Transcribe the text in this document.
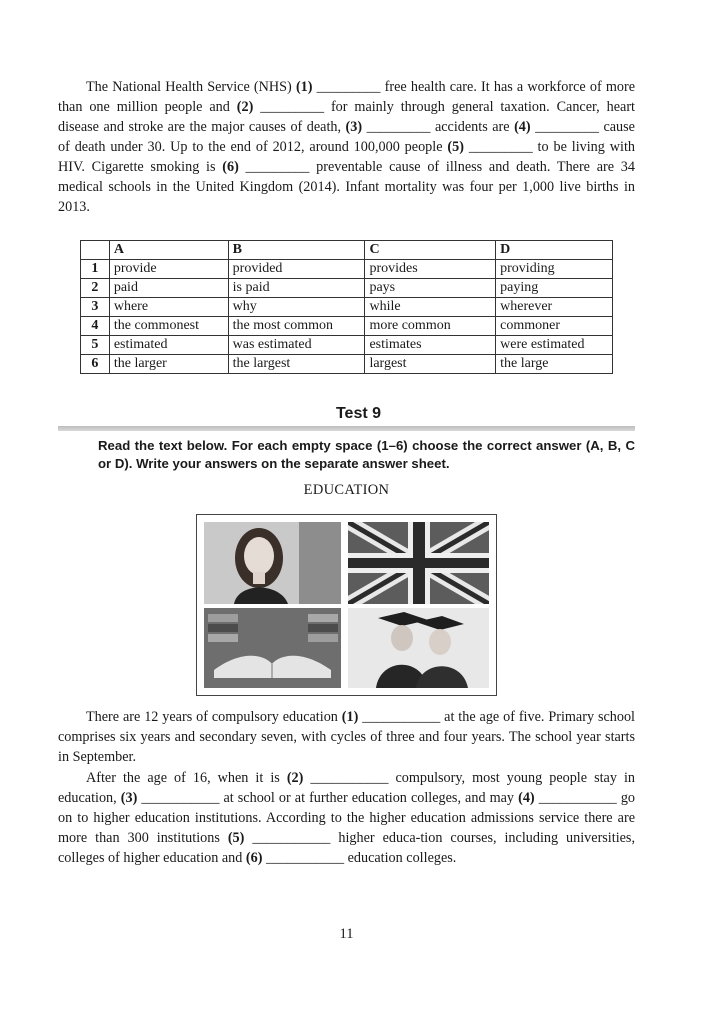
The National Health Service (NHS) (1) _________ free health care. It has a workforce of more than one million people and (2) _________ for mainly through general taxation. Cancer, heart disease and stroke are the major causes of death, (3) _________ accidents are (4) _________ cause of death under 30. Up to the end of 2012, around 100,000 people (5) _________ to be living with HIV. Cigarette smoking is (6) _________ preventable cause of illness and death. There are 34 medical schools in the United Kingdom (2014). Infant mortality was four per 1,000 live births in 2013.

	A	B	C	D
1	provide	provided	provides	providing
2	paid	is paid	pays	paying
3	where	why	while	wherever
4	the commonest	the most common	more common	commoner
5	estimated	was estimated	estimates	were estimated
6	the larger	the largest	largest	the large
Test 9

Read the text below. For each empty space (1–6) choose the correct answer (A, B, C or D). Write your answers on the separate answer sheet.

EDUCATION

There are 12 years of compulsory education (1) ___________ at the age of five. Primary school comprises six years and secondary seven, with cycles of three and four years. The school year starts in September.

After the age of 16, when it is (2) ___________ compulsory, most young people stay in education, (3) ___________ at school or at further education colleges, and may (4) ___________ go on to higher education institutions. According to the higher education admissions service there are more than 300 institutions (5) ___________ higher educa-tion courses, including universities, colleges of higher education and (6) ___________ education colleges.

11
